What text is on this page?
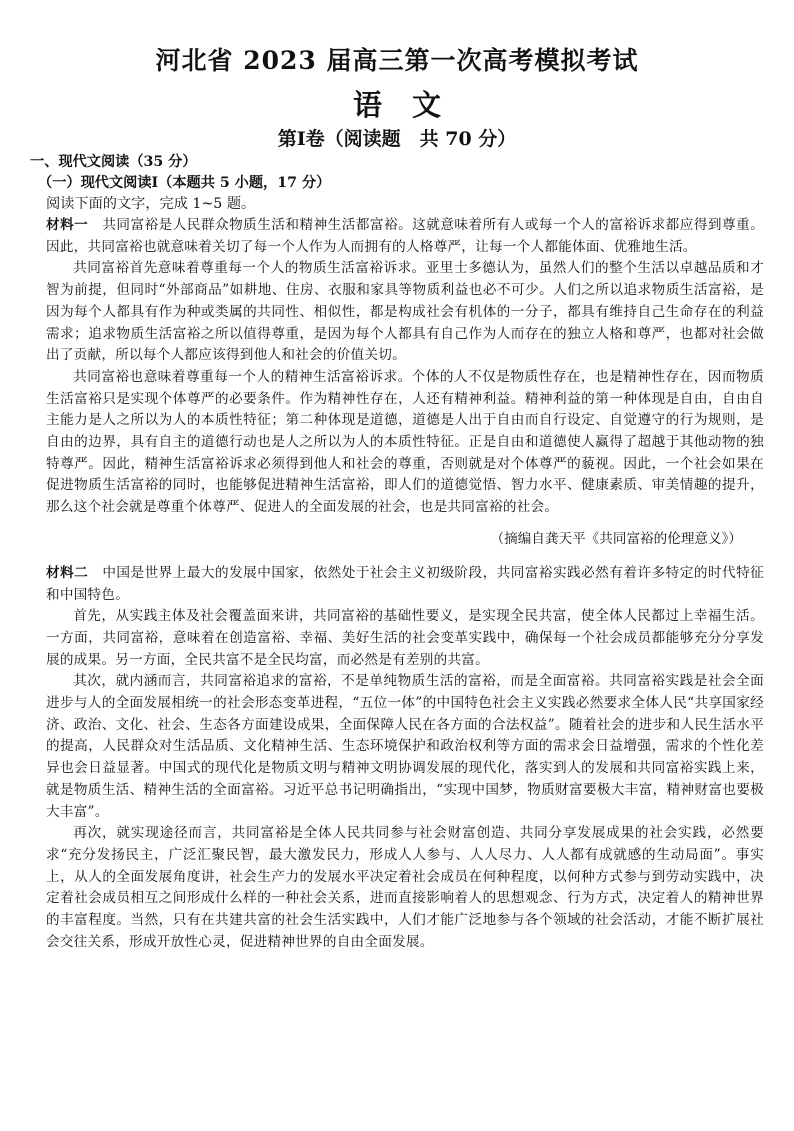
河北省 2023 届高三第一次高考模拟考试
语文
第Ⅰ卷（阅读题　共 70 分）

一、现代文阅读（35 分）

（一）现代文阅读Ⅰ（本题共 5 小题，17 分）

阅读下面的文字，完成 1~5 题。

材料一　 共同富裕是人民群众物质生活和精神生活都富裕。这就意味着所有人或每一个人的富裕诉求都应得到尊重。因此，共同富裕也就意味着关切了每一个人作为人而拥有的人格尊严，让每一个人都能体面、优雅地生活。

共同富裕首先意味着尊重每一个人的物质生活富裕诉求。亚里士多德认为，虽然人们的整个生活以卓越品质和才智为前提，但同时“外部商品”如耕地、住房、衣服和家具等物质利益也必不可少。人们之所以追求物质生活富裕，是因为每个人都具有作为种或类属的共同性、相似性，都是构成社会有机体的一分子，都具有维持自己生命存在的利益需求；追求物质生活富裕之所以值得尊重，是因为每个人都具有自己作为人而存在的独立人格和尊严，也都对社会做出了贡献，所以每个人都应该得到他人和社会的价值关切。

共同富裕也意味着尊重每一个人的精神生活富裕诉求。个体的人不仅是物质性存在，也是精神性存在，因而物质生活富裕只是实现个体尊严的必要条件。作为精神性存在，人还有精神利益。精神利益的第一种体现是自由，自由自主能力是人之所以为人的本质性特征；第二种体现是道德，道德是人出于自由而自行设定、自觉遵守的行为规则，是自由的边界，具有自主的道德行动也是人之所以为人的本质性特征。正是自由和道德使人赢得了超越于其他动物的独特尊严。因此，精神生活富裕诉求必须得到他人和社会的尊重，否则就是对个体尊严的藐视。因此，一个社会如果在促进物质生活富裕的同时，也能够促进精神生活富裕，即人们的道德觉悟、智力水平、健康素质、审美情趣的提升，那么这个社会就是尊重个体尊严、促进人的全面发展的社会，也是共同富裕的社会。

（摘编自龚天平《共同富裕的伦理意义》）

材料二　 中国是世界上最大的发展中国家，依然处于社会主义初级阶段，共同富裕实践必然有着许多特定的时代特征和中国特色。

首先，从实践主体及社会覆盖面来讲，共同富裕的基础性要义，是实现全民共富，使全体人民都过上幸福生活。一方面，共同富裕，意味着在创造富裕、幸福、美好生活的社会变革实践中，确保每一个社会成员都能够充分分享发展的成果。另一方面，全民共富不是全民均富，而必然是有差别的共富。

其次，就内涵而言，共同富裕追求的富裕，不是单纯物质生活的富裕，而是全面富裕。共同富裕实践是社会全面进步与人的全面发展相统一的社会形态变革进程，“五位一体”的中国特色社会主义实践必然要求全体人民“共享国家经济、政治、文化、社会、生态各方面建设成果，全面保障人民在各方面的合法权益”。随着社会的进步和人民生活水平的提高，人民群众对生活品质、文化精神生活、生态环境保护和政治权利等方面的需求会日益增强，需求的个性化差异也会日益显著。中国式的现代化是物质文明与精神文明协调发展的现代化，落实到人的发展和共同富裕实践上来，就是物质生活、精神生活的全面富裕。习近平总书记明确指出，“实现中国梦，物质财富要极大丰富，精神财富也要极大丰富”。

再次，就实现途径而言，共同富裕是全体人民共同参与社会财富创造、共同分享发展成果的社会实践，必然要求“充分发扬民主，广泛汇聚民智，最大激发民力，形成人人参与、人人尽力、人人都有成就感的生动局面”。事实上，从人的全面发展角度讲，社会生产力的发展水平决定着社会成员在何种程度，以何种方式参与到劳动实践中，决定着社会成员相互之间形成什么样的一种社会关系，进而直接影响着人的思想观念、行为方式，决定着人的精神世界的丰富程度。当然，只有在共建共富的社会生活实践中，人们才能广泛地参与各个领域的社会活动，才能不断扩展社会交往关系，形成开放性心灵，促进精神世界的自由全面发展。
